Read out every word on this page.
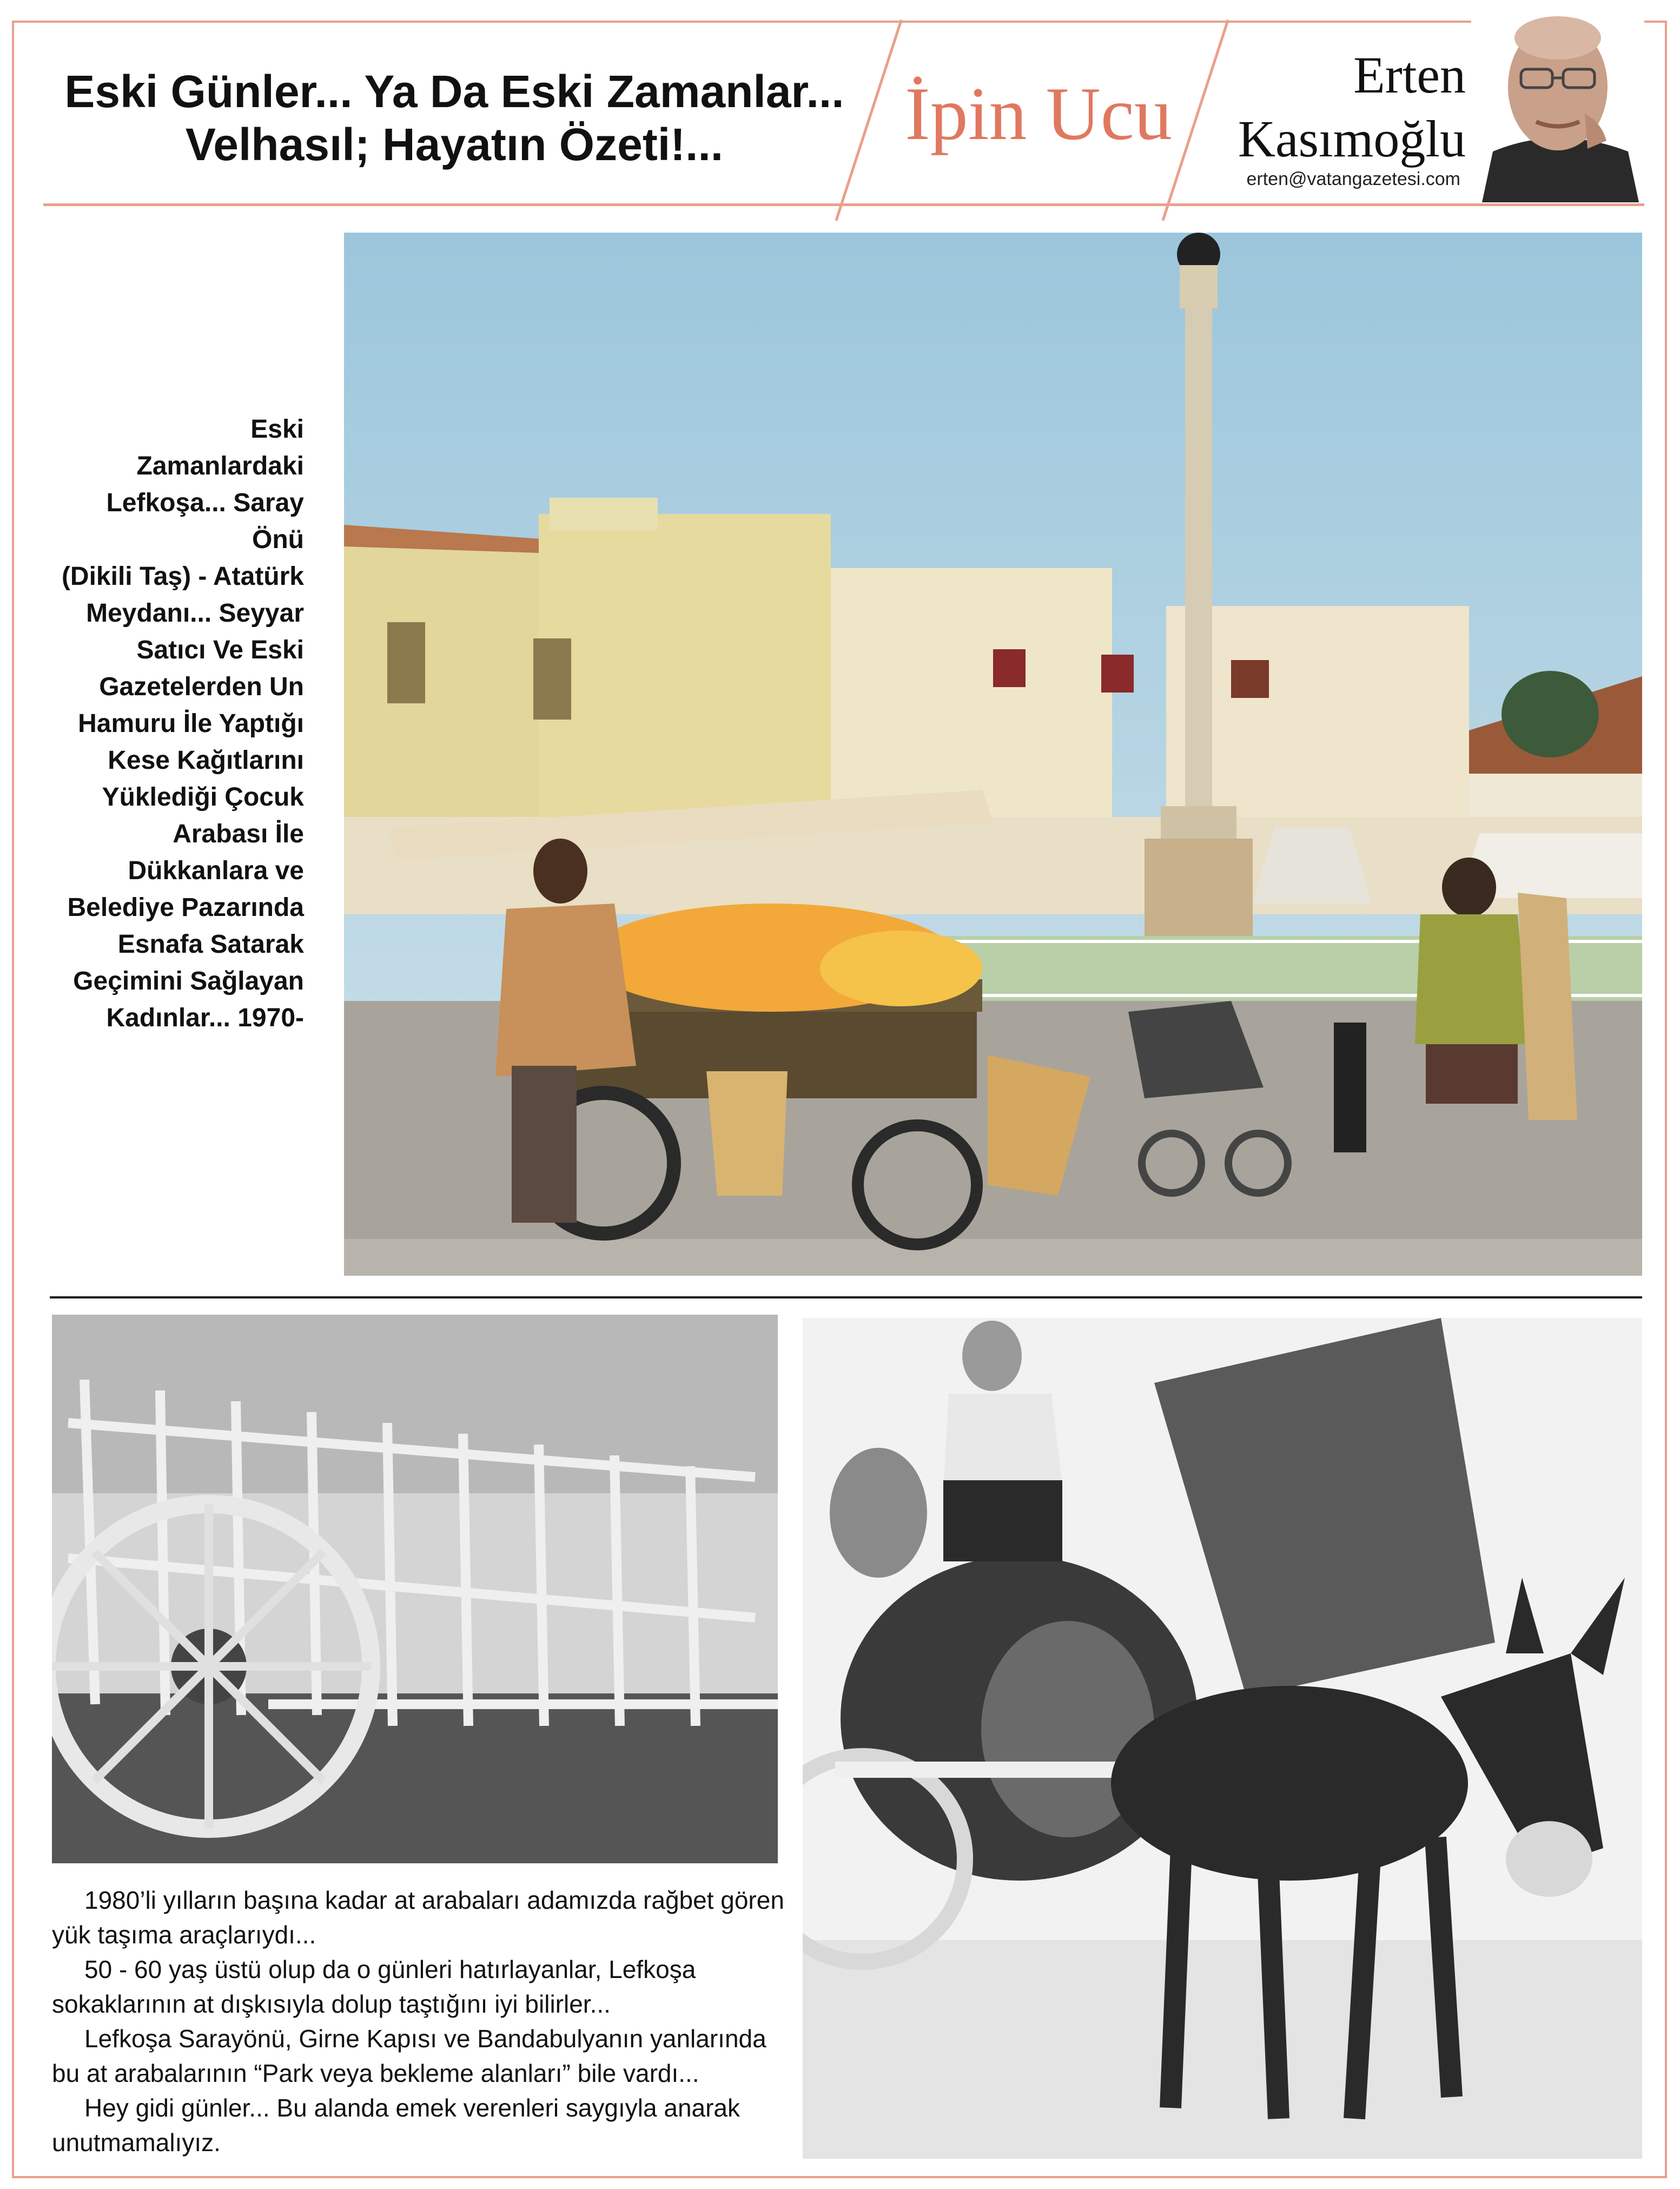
Eski Günler... Ya Da Eski Zamanlar...
Velhasıl; Hayatın Özeti!...	İpin Ucu	Erten
Kasımoğlu
erten@vatangazetesi.com
Eski Zamanlardaki
Lefkoşa... Saray Önü
(Dikili Taş) - Atatürk
Meydanı... Seyyar
Satıcı Ve Eski
Gazetelerden Un
Hamuru İle Yaptığı
Kese Kağıtlarını
Yüklediği Çocuk
Arabası İle
Dükkanlara ve
Belediye Pazarında
Esnafa Satarak
Geçimini Sağlayan
Kadınlar... 1970-

1980’li yılların başına kadar at arabaları adamızda rağbet gören yük taşıma araçlarıydı...

50 - 60 yaş üstü olup da o günleri hatırlayanlar, Lefkoşa sokaklarının at dışkısıyla dolup taştığını iyi bilirler...

Lefkoşa Sarayönü, Girne Kapısı ve Bandabulyanın yanlarında bu at arabalarının “Park veya bekleme alanları” bile vardı...

Hey gidi günler... Bu alanda emek verenleri saygıyla anarak unutmamalıyız.
